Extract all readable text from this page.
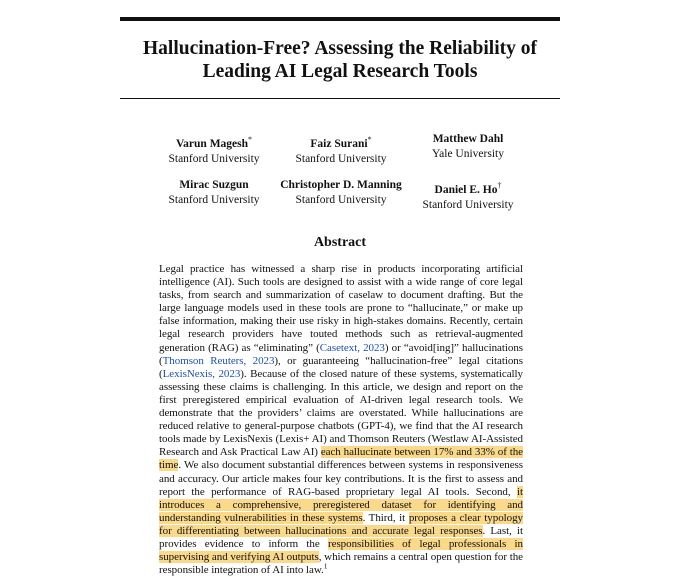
Hallucination-Free? Assessing the Reliability of
Leading AI Legal Research Tools
Varun Magesh*
Stanford University
Faiz Surani*
Stanford University
Matthew Dahl
Yale University
Mirac Suzgun
Stanford University
Christopher D. Manning
Stanford University
Daniel E. Ho†
Stanford University
Abstract

Legal practice has witnessed a sharp rise in products incorporating artificial intelligence (AI). Such tools are designed to assist with a wide range of core legal tasks, from search and summarization of caselaw to document drafting. But the large language models used in these tools are prone to “hallucinate,” or make up false information, making their use risky in high-stakes domains. Recently, certain legal research providers have touted methods such as retrieval-augmented generation (RAG) as “eliminating” (Casetext, 2023) or “avoid[ing]” hallucinations (Thomson Reuters, 2023), or guaranteeing “hallucination-free” legal citations (LexisNexis, 2023). Because of the closed nature of these systems, systematically assessing these claims is challenging. In this article, we design and report on the first preregistered empirical evaluation of AI-driven legal research tools. We demonstrate that the providers’ claims are overstated. While hallucinations are reduced relative to general-purpose chatbots (GPT-4), we find that the AI research tools made by LexisNexis (Lexis+ AI) and Thomson Reuters (Westlaw AI-Assisted Research and Ask Practical Law AI) each hallucinate between 17% and 33% of the time. We also document substantial differences between systems in responsiveness and accuracy. Our article makes four key contributions. It is the first to assess and report the performance of RAG-based proprietary legal AI tools. Second, it introduces a comprehensive, preregistered dataset for identifying and understanding vulnerabilities in these systems. Third, it proposes a clear typology for differentiating between hallucinations and accurate legal responses. Last, it provides evidence to inform the responsibilities of legal professionals in supervising and verifying AI outputs, which remains a central open question for the responsible integration of AI into law.$^1$
